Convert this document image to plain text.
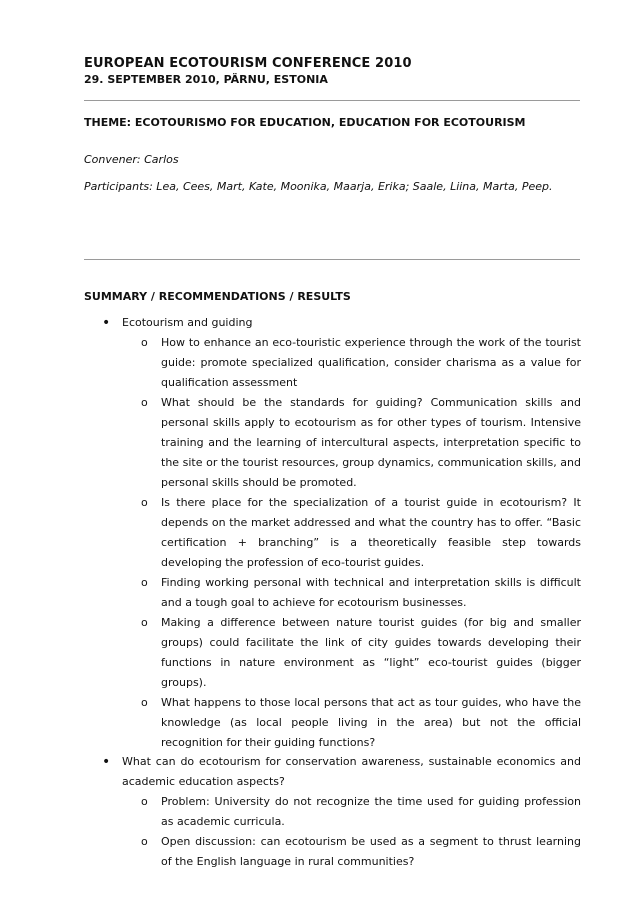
EUROPEAN ECOTOURISM CONFERENCE 2010
29. SEPTEMBER 2010, PÄRNU, ESTONIA
THEME: ECOTOURISMO FOR EDUCATION, EDUCATION FOR ECOTOURISM
Convener: Carlos
Participants: Lea, Cees, Mart, Kate, Moonika, Maarja, Erika; Saale, Liina, Marta, Peep.
SUMMARY / RECOMMENDATIONS / RESULTS
• Ecotourism and guiding
o How to enhance an eco-touristic experience through the work of the tourist guide: promote specialized qualification, consider charisma as a value for qualification assessment
o What should be the standards for guiding? Communication skills and personal skills apply to ecotourism as for other types of tourism. Intensive training and the learning of intercultural aspects, interpretation specific to the site or the tourist resources, group dynamics, communication skills, and personal skills should be promoted.
o Is there place for the specialization of a tourist guide in ecotourism? It depends on the market addressed and what the country has to offer. “Basic certification + branching” is a theoretically feasible step towards developing the profession of eco-tourist guides.
o Finding working personal with technical and interpretation skills is difficult and a tough goal to achieve for ecotourism businesses.
o Making a difference between nature tourist guides (for big and smaller groups) could facilitate the link of city guides towards developing their functions in nature environment as “light” eco-tourist guides (bigger groups).
o What happens to those local persons that act as tour guides, who have the knowledge (as local people living in the area) but not the official recognition for their guiding functions?
• What can do ecotourism for conservation awareness, sustainable economics and academic education aspects?
o Problem: University do not recognize the time used for guiding profession as academic curricula.
o Open discussion: can ecotourism be used as a segment to thrust learning of the English language in rural communities?
